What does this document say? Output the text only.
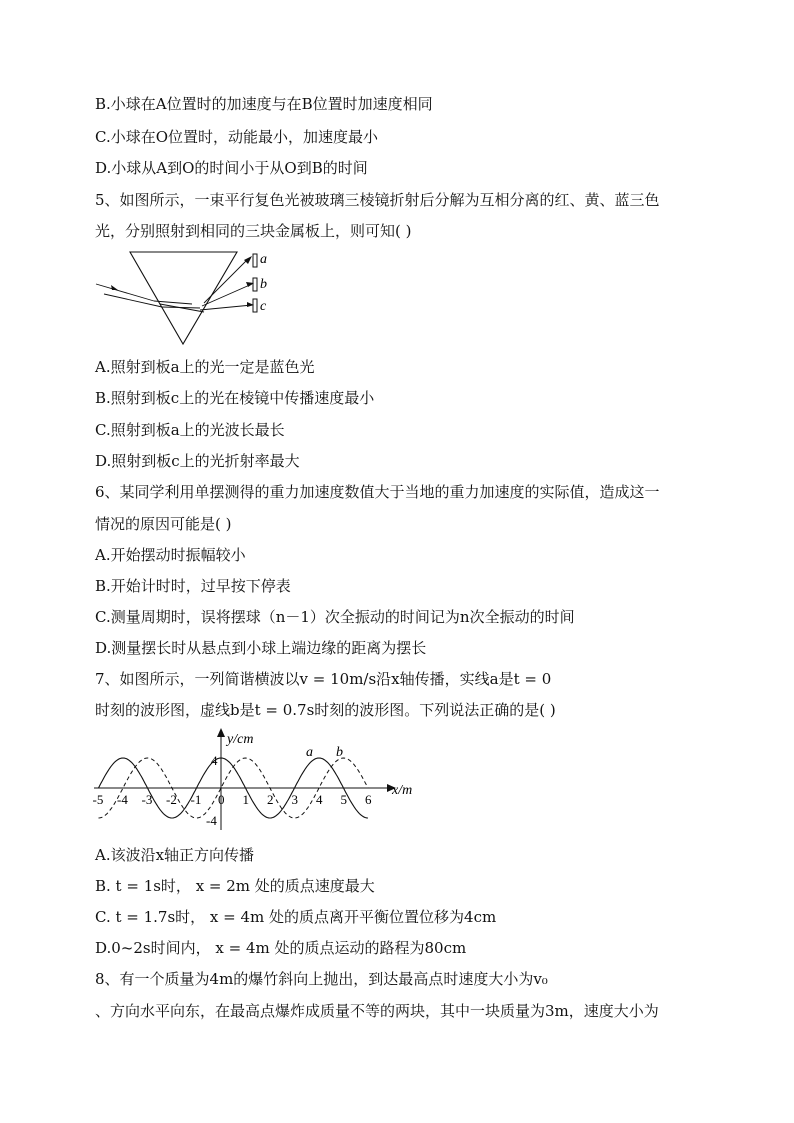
B.小球在A位置时的加速度与在B位置时加速度相同
C.小球在O位置时，动能最小，加速度最小
D.小球从A到O的时间小于从O到B的时间
5、如图所示，一束平行复色光被玻璃三棱镜折射后分解为互相分离的红、黄、蓝三色
光，分别照射到相同的三块金属板上，则可知( )
a
b
c
A.照射到板a上的光一定是蓝色光
B.照射到板c上的光在棱镜中传播速度最小
C.照射到板a上的光波长最长
D.照射到板c上的光折射率最大
6、某同学利用单摆测得的重力加速度数值大于当地的重力加速度的实际值，造成这一
情况的原因可能是( )
A.开始摆动时振幅较小
B.开始计时时，过早按下停表
C.测量周期时，误将摆球（n－1）次全振动的时间记为n次全振动的时间
D.测量摆长时从悬点到小球上端边缘的距离为摆长
7、如图所示，一列简谐横波以v = 10m/s沿x轴传播，实线a是t = 0
时刻的波形图，虚线b是t = 0.7s时刻的波形图。下列说法正确的是( )
y/cm
x/m
4
-4
a b
-5 -4 -3 -2 -1 0 1 2 3 4 5 6
A.该波沿x轴正方向传播
B. t = 1s时， x = 2m 处的质点速度最大
C. t = 1.7s时， x = 4m 处的质点离开平衡位置位移为4cm
D.0~2s时间内， x = 4m 处的质点运动的路程为80cm
8、有一个质量为4m的爆竹斜向上抛出，到达最高点时速度大小为v₀
、方向水平向东，在最高点爆炸成质量不等的两块，其中一块质量为3m，速度大小为
